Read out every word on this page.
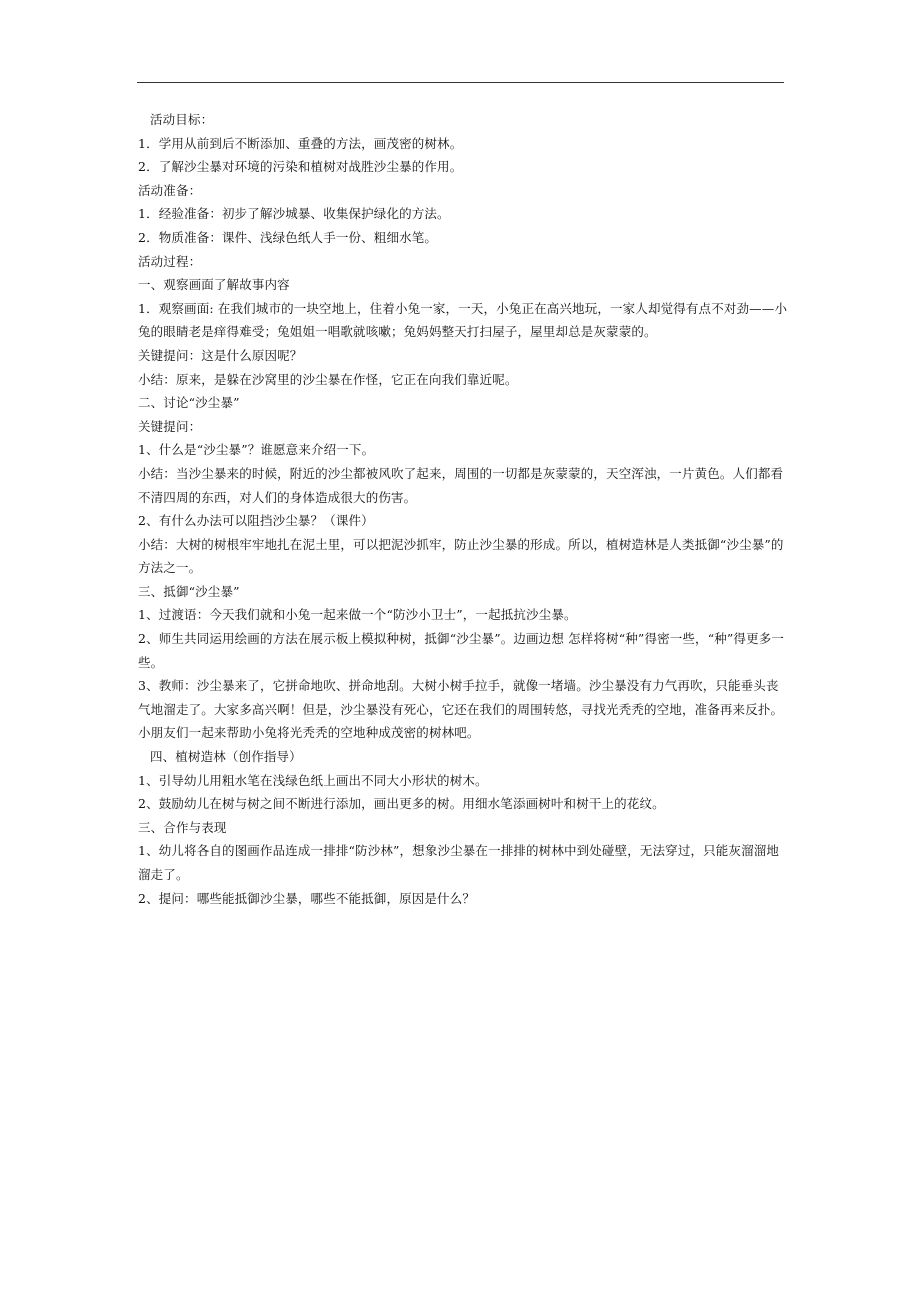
活动目标：

1．学用从前到后不断添加、重叠的方法，画茂密的树林。

2．了解沙尘暴对环境的污染和植树对战胜沙尘暴的作用。

活动准备：

1．经验准备：初步了解沙城暴、收集保护绿化的方法。

2．物质准备：课件、浅绿色纸人手一份、粗细水笔。

活动过程：

一、观察画面了解故事内容

1．观察画面: 在我们城市的一块空地上，住着小兔一家，一天，小兔正在高兴地玩，一家人却觉得有点不对劲——小兔的眼睛老是痒得难受；兔姐姐一唱歌就咳嗽；兔妈妈整天打扫屋子，屋里却总是灰蒙蒙的。

关键提问：这是什么原因呢？

小结：原来，是躲在沙窝里的沙尘暴在作怪，它正在向我们靠近呢。

二、讨论“沙尘暴”

关键提问：

1、什么是“沙尘暴”？谁愿意来介绍一下。

小结：当沙尘暴来的时候，附近的沙尘都被风吹了起来，周围的一切都是灰蒙蒙的，天空浑浊，一片黄色。人们都看不清四周的东西，对人们的身体造成很大的伤害。

2、有什么办法可以阻挡沙尘暴？（课件）

小结：大树的树根牢牢地扎在泥土里，可以把泥沙抓牢，防止沙尘暴的形成。所以，植树造林是人类抵御“沙尘暴”的方法之一。

三、抵御“沙尘暴”

1、过渡语：今天我们就和小兔一起来做一个“防沙小卫士”，一起抵抗沙尘暴。

2、师生共同运用绘画的方法在展示板上模拟种树，抵御“沙尘暴”。边画边想 怎样将树“种”得密一些，“种”得更多一些。

3、教师：沙尘暴来了，它拼命地吹、拼命地刮。大树小树手拉手，就像一堵墙。沙尘暴没有力气再吹，只能垂头丧气地溜走了。大家多高兴啊！但是，沙尘暴没有死心，它还在我们的周围转悠，寻找光秃秃的空地，准备再来反扑。小朋友们一起来帮助小兔将光秃秃的空地种成茂密的树林吧。

四、植树造林（创作指导）

1、引导幼儿用粗水笔在浅绿色纸上画出不同大小形状的树木。

2、鼓励幼儿在树与树之间不断进行添加，画出更多的树。用细水笔添画树叶和树干上的花纹。

三、合作与表现

1、幼儿将各自的图画作品连成一排排“防沙林”，想象沙尘暴在一排排的树林中到处碰壁，无法穿过，只能灰溜溜地溜走了。

2、提问：哪些能抵御沙尘暴，哪些不能抵御，原因是什么？
